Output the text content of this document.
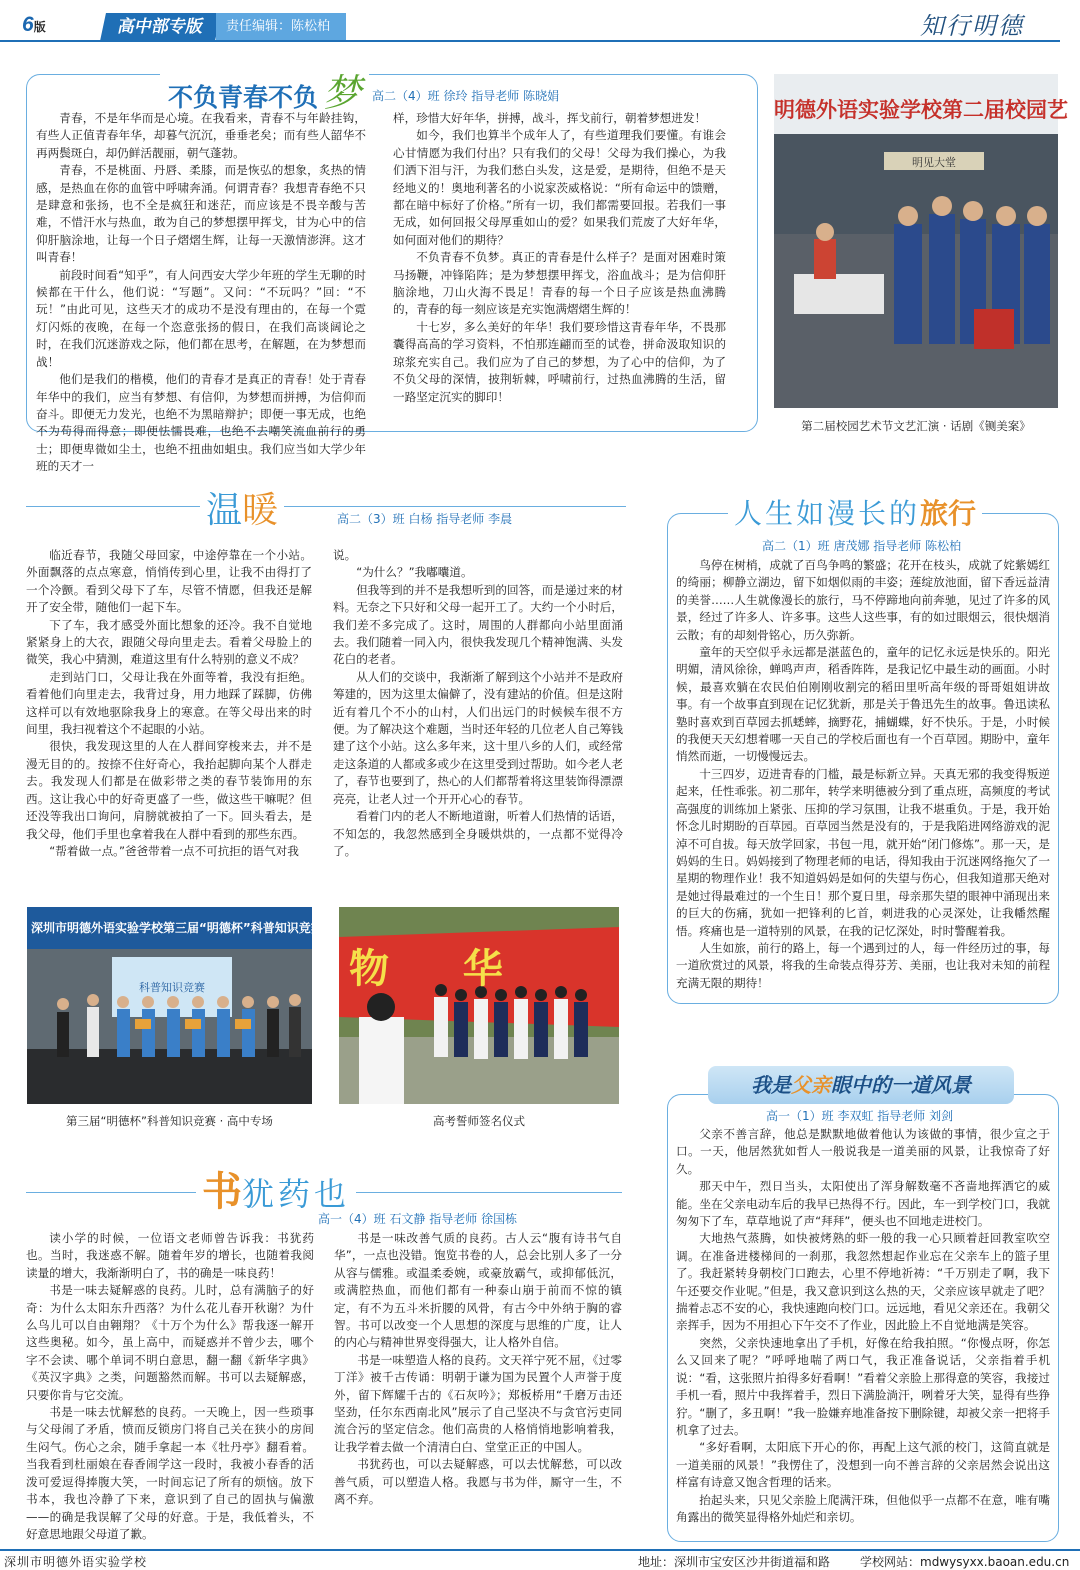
6版	高中部专版	责任编辑：陈松柏	知行明德
不负青春不负 梦 高二（4）班 徐玲 指导老师 陈晓娟

青春，不是年华而是心境。在我看来，青春不与年龄挂钩，有些人正值青春年华，却暮气沉沉，垂垂老矣；而有些人韶华不再两鬓斑白，却仍鲜活靓丽，朝气蓬勃。

青春，不是桃面、丹唇、柔膝，而是恢弘的想象，炙热的情感，是热血在你的血管中呼啸奔涌。何谓青春？我想青春绝不只是肆意和张扬，也不全是疯狂和迷茫，而应该是不畏辛酸与苦难，不惜汗水与热血，敢为自己的梦想摆甲挥戈，甘为心中的信仰肝脑涂地，让每一个日子熠熠生辉，让每一天激情澎湃。这才叫青春！

前段时间看“知乎”，有人问西安大学少年班的学生无聊的时候都在干什么，他们说：“写题”。又问：“不玩吗？”回：“不玩！”由此可见，这些天才的成功不是没有理由的，在每一个霓灯闪烁的夜晚，在每一个恣意张扬的假日，在我们高谈阔论之时，在我们沉迷游戏之际，他们都在思考，在解题，在为梦想而战！

他们是我们的楷模，他们的青春才是真正的青春！处于青春年华中的我们，应当有梦想、有信仰，为梦想而拼搏，为信仰而奋斗。即便无力发光，也绝不为黑暗辩护；即便一事无成，也绝不为苟得而得意；即便怯懦畏难，也绝不去嘲笑流血前行的勇士；即便卑微如尘土，也绝不扭曲如蛆虫。我们应当如大学少年班的天才一

样，珍惜大好年华，拼搏，战斗，挥戈前行，朝着梦想进发！

如今，我们也算半个成年人了，有些道理我们要懂。有谁会心甘情愿为我们付出？只有我们的父母！父母为我们操心，为我们洒下泪与汗，为我们愁白头发，这是爱，是期待，但绝不是天经地义的！奥地利著名的小说家茨威格说：“所有命运中的馈赠，都在暗中标好了价格。”所有一切，我们都需要回报。若我们一事无成，如何回报父母厚重如山的爱？如果我们荒废了大好年华，如何面对他们的期待？

不负青春不负梦。真正的青春是什么样子？是面对困难时策马扬鞭，冲锋陷阵；是为梦想摆甲挥戈，浴血战斗；是为信仰肝脑涂地，刀山火海不畏足！青春的每一个日子应该是热血沸腾的，青春的每一刻应该是充实饱满熠熠生辉的！

十七岁，多么美好的年华！我们要珍惜这青春年华，不畏那囊得高高的学习资料，不怕那连翩而至的试卷，拼命汲取知识的琼浆充实自己。我们应为了自己的梦想，为了心中的信仰，为了不负父母的深情，披荆斩棘，呼啸前行，过热血沸腾的生活，留一路坚定沉实的脚印！

明德外语实验学校第二届校园艺
明见大堂
第二届校园艺术节文艺汇演 · 话剧《铡美案》
温暖	高二（3）班 白杨 指导老师 李晨

临近春节，我随父母回家，中途停靠在一个小站。外面飘落的点点寒意，悄悄传到心里，让我不由得打了一个冷颤。看到父母下了车，尽管不情愿，但我还是解开了安全带，随他们一起下车。

下了车，我才感受外面比想象的还冷。我不自觉地紧紧身上的大衣，跟随父母向里走去。看着父母脸上的微笑，我心中猜测，难道这里有什么特别的意义不成？

走到站门口，父母让我在外面等着，我没有拒绝。看着他们向里走去，我背过身，用力地踩了踩脚，仿佛这样可以有效地驱除我身上的寒意。在等父母出来的时间里，我扫视着这个不起眼的小站。

很快，我发现这里的人在人群间穿梭来去，并不是漫无目的的。按捺不住好奇心，我抬起脚向某个人群走去。我发现人们都是在做彩带之类的春节装饰用的东西。这让我心中的好奇更盛了一些，做这些干嘛呢？但还没等我出口询问，肩膀就被拍了一下。回头看去，是我父母，他们手里也拿着我在人群中看到的那些东西。

“帮着做一点。”爸爸带着一点不可抗拒的语气对我

说。

“为什么？”我嘟囔道。

但我等到的并不是我想听到的回答，而是递过来的材料。无奈之下只好和父母一起开工了。大约一个小时后，我们差不多完成了。这时，周围的人群都向小站里面涌去。我们随着一同入内，很快我发现几个精神饱满、头发花白的老者。

从人们的交谈中，我渐渐了解到这个小站并不是政府筹建的，因为这里太偏僻了，没有建站的价值。但是这附近有着几个不小的山村，人们出远门的时候候车很不方便。为了解决这个难题，当时还年轻的几位老人自己筹钱建了这个小站。这么多年来，这十里八乡的人们，或经常走这条道的人都或多或少在这里受到过帮助。如今老人老了，春节也要到了，热心的人们都帮着将这里装饰得漂漂亮亮，让老人过一个开开心心的春节。

看着门内的老人不断地道谢，听着人们热情的话语，不知怎的，我忽然感到全身暖烘烘的，一点都不觉得冷了。

人生如漫长的旅行
高二（1）班 唐茂娜 指导老师 陈松柏

鸟停在树梢，成就了百鸟争鸣的繁盛；花开在枝头，成就了姹紫嫣红的绮丽；柳静立湖边，留下如烟似雨的丰姿；莲绽放池面，留下香远益清的美誉……人生就像漫长的旅行，马不停蹄地向前奔驰，见过了许多的风景，经过了许多人、许多事。这些人这些事，有的如过眼烟云，很快烟消云散；有的却刻骨铭心，历久弥新。

童年的天空似乎永远都是湛蓝色的，童年的记忆永远是快乐的。阳光明媚，清风徐徐，蝉鸣声声，稻香阵阵，是我记忆中最生动的画面。小时候，最喜欢躺在农民伯伯刚刚收割完的稻田里听高年级的哥哥姐姐讲故事。有一个故事直到现在记忆犹新，那是关于鲁迅先生的故事。鲁迅读私塾时喜欢到百草园去抓蟋蟀，摘野花，捕蝴蝶，好不快乐。于是，小时候的我便天天幻想着哪一天自己的学校后面也有一个百草园。期盼中，童年悄然而逝，一切慢慢远去。

十三四岁，迈进青春的门槛，最是标新立异。天真无邪的我变得叛逆起来，任性乖张。初二那年，转学来明德被分到了重点班，高频度的考试高强度的训练加上紧张、压抑的学习氛围，让我不堪重负。于是，我开始怀念儿时期盼的百草园。百草园当然是没有的，于是我陷进网络游戏的泥淖不可自拔。每天放学回家，书包一甩，就开始“闭门修炼”。那一天，是妈妈的生日。妈妈接到了物理老师的电话，得知我由于沉迷网络拖欠了一星期的物理作业！我不知道妈妈是如何的失望与伤心，但我知道那天绝对是她过得最难过的一个生日！那个夏日里，母亲那失望的眼神中涌现出来的巨大的伤痛，犹如一把锋利的匕首，刺进我的心灵深处，让我幡然醒悟。疼痛也是一道特别的风景，在我的记忆深处，时时警醒着我。

人生如旅，前行的路上，每一个遇到过的人，每一件经历过的事，每一道欣赏过的风景，将我的生命装点得芬芳、美丽，也让我对未知的前程充满无限的期待！

深圳市明德外语实验学校第三届“明德杯”科普知识竞赛
科普知识竞赛
第三届“明德杯”科普知识竞赛 · 高中专场
物 华
高考誓师签名仪式
书犹药也
高一（4）班 石文静 指导老师 徐国栋

读小学的时候，一位语文老师曾告诉我：书犹药也。当时，我迷惑不解。随着年岁的增长，也随着我阅读量的增大，我渐渐明白了，书的确是一味良药！

书是一味去疑解惑的良药。儿时，总有满脑子的好奇：为什么太阳东升西落？为什么花儿春开秋谢？为什么鸟儿可以自由翱翔？《十万个为什么》帮我逐一解开这些奥秘。如今，虽上高中，而疑惑并不曾少去，哪个字不会读、哪个单词不明白意思，翻一翻《新华字典》《英汉字典》之类，问题豁然而解。书可以去疑解惑，只要你肯与它交流。

书是一味去忧解愁的良药。一天晚上，因一些琐事与父母闹了矛盾，愤而反锁房门将自己关在狭小的房间生闷气。伤心之余，随手拿起一本《牡丹亭》翻看着。当我看到杜丽娘在春香闹学这一段时，我被小春香的活泼可爱逗得捧腹大笑，一时间忘记了所有的烦恼。放下书本，我也冷静了下来，意识到了自己的固执与偏激——的确是我误解了父母的好意。于是，我低着头，不好意思地跟父母道了歉。

书是一味改善气质的良药。古人云“腹有诗书气自华”，一点也没错。饱览书卷的人，总会比别人多了一分从容与儒雅。或温柔委婉，或豪放霸气，或抑郁低沉，或满腔热血，而他们都有一种泰山崩于前而不惊的镇定，有不为五斗米折腰的风骨，有古今中外纳于胸的睿智。书可以改变一个人思想的深度与思维的广度，让人的内心与精神世界变得强大，让人格外自信。

书是一味塑造人格的良药。文天祥宁死不屈，《过零丁洋》被千古传诵：明朝于谦为国为民置个人声誉于度外，留下辉耀千古的《石灰吟》；郑板桥用“千磨万击还坚劲，任尔东西南北风”展示了自己坚决不与贪官污吏同流合污的坚定信念。他们高贵的人格悄悄地影响着我，让我学着去做一个清清白白、堂堂正正的中国人。

书犹药也，可以去疑解惑，可以去忧解愁，可以改善气质，可以塑造人格。我愿与书为伴，厮守一生，不离不弃。

我是父亲眼中的一道风景
高一（1）班 李双虹 指导老师 刘剑

父亲不善言辞，他总是默默地做着他认为该做的事情，很少宣之于口。一天，他居然犹如哲人一般说我是一道美丽的风景，让我惊奇了好久。

那天中午，烈日当头，太阳使出了浑身解数毫不吝啬地挥洒它的威能。坐在父亲电动车后的我早已热得不行。因此，车一到学校门口，我就匆匆下了车，草草地说了声“拜拜”，便头也不回地走进校门。

大地热气蒸腾，如快被烤熟的虾一般的我一心只顾着赶回教室吹空调。在准备进楼梯间的一刹那，我忽然想起作业忘在父亲车上的篮子里了。我赶紧转身朝校门口跑去，心里不停地祈祷：“千万别走了啊，我下午还要交作业呢。”但是，我又意识到这么热的天，父亲应该早就走了吧？揣着忐忑不安的心，我快速跑向校门口。远远地，看见父亲还在。我朝父亲挥手，因为不用担心下午交不了作业，因此脸上不自觉地满是笑容。

突然，父亲快速地拿出了手机，好像在给我拍照。“你慢点呀，你怎么又回来了呢？”呼呼地喘了两口气，我正准备说话，父亲指着手机说：“看，这张照片拍得多好看啊！”看着父亲脸上那得意的笑容，我接过手机一看，照片中我挥着手，烈日下满脸淌汗，咧着牙大笑，显得有些狰狞。“删了，多丑啊！”我一脸嫌弃地准备按下删除键，却被父亲一把将手机拿了过去。

“多好看啊，太阳底下开心的你，再配上这气派的校门，这简直就是一道美丽的风景！”我愣住了，没想到一向不善言辞的父亲居然会说出这样富有诗意又饱含哲理的话来。

抬起头来，只见父亲脸上爬满汗珠，但他似乎一点都不在意，唯有嘴角露出的微笑显得格外灿烂和亲切。

深圳市明德外语实验学校	地址：深圳市宝安区沙井街道福和路 学校网站：mdwysyxx.baoan.edu.cn
